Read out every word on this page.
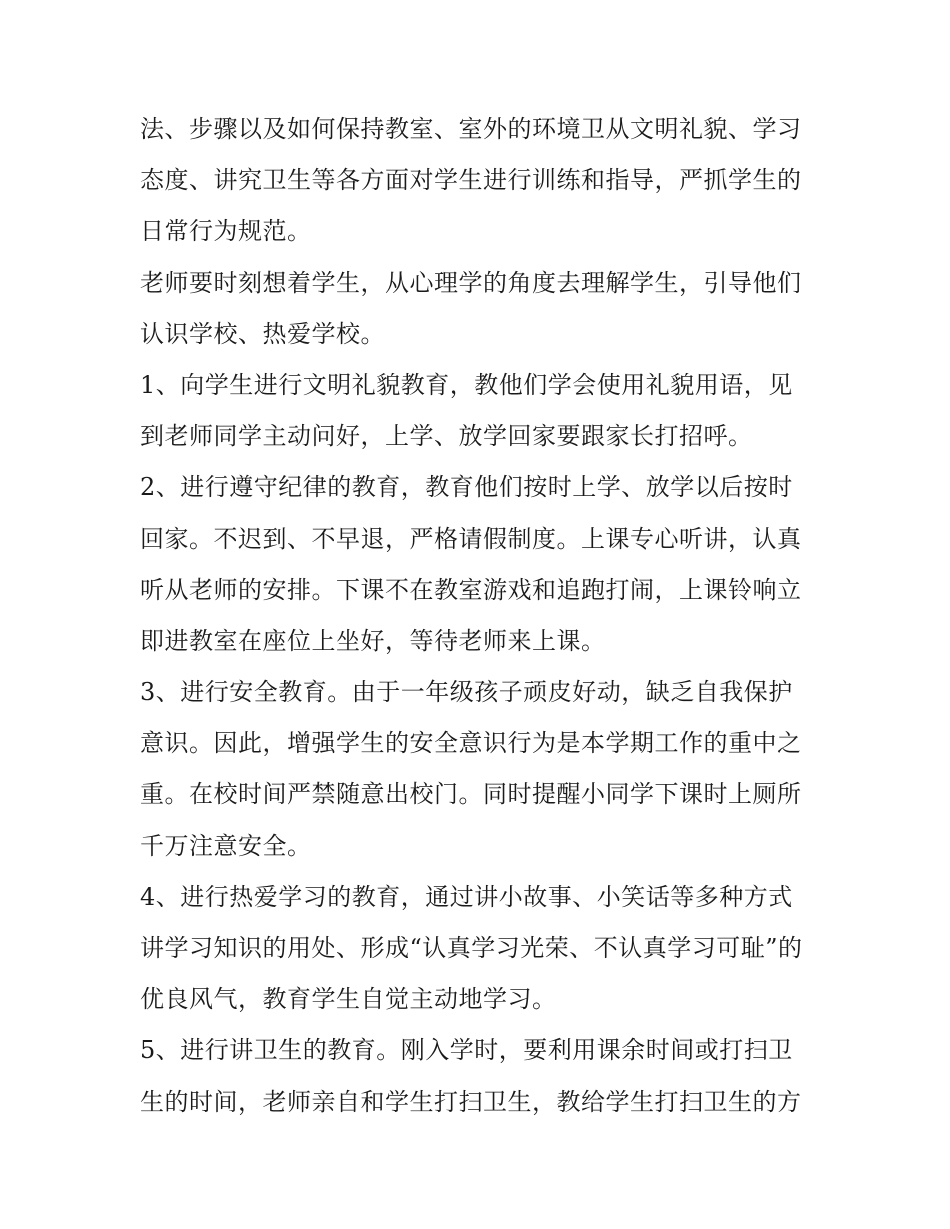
法、步骤以及如何保持教室、室外的环境卫从文明礼貌、学习
态度、讲究卫生等各方面对学生进行训练和指导，严抓学生的
日常行为规范。
老师要时刻想着学生，从心理学的角度去理解学生，引导他们
认识学校、热爱学校。
1、向学生进行文明礼貌教育，教他们学会使用礼貌用语，见
到老师同学主动问好，上学、放学回家要跟家长打招呼。
2、进行遵守纪律的教育，教育他们按时上学、放学以后按时
回家。不迟到、不早退，严格请假制度。上课专心听讲，认真
听从老师的安排。下课不在教室游戏和追跑打闹，上课铃响立
即进教室在座位上坐好，等待老师来上课。
3、进行安全教育。由于一年级孩子顽皮好动，缺乏自我保护
意识。因此，增强学生的安全意识行为是本学期工作的重中之
重。在校时间严禁随意出校门。同时提醒小同学下课时上厕所
千万注意安全。
4、进行热爱学习的教育，通过讲小故事、小笑话等多种方式
讲学习知识的用处、形成“认真学习光荣、不认真学习可耻”的
优良风气，教育学生自觉主动地学习。
5、进行讲卫生的教育。刚入学时，要利用课余时间或打扫卫
生的时间，老师亲自和学生打扫卫生，教给学生打扫卫生的方
